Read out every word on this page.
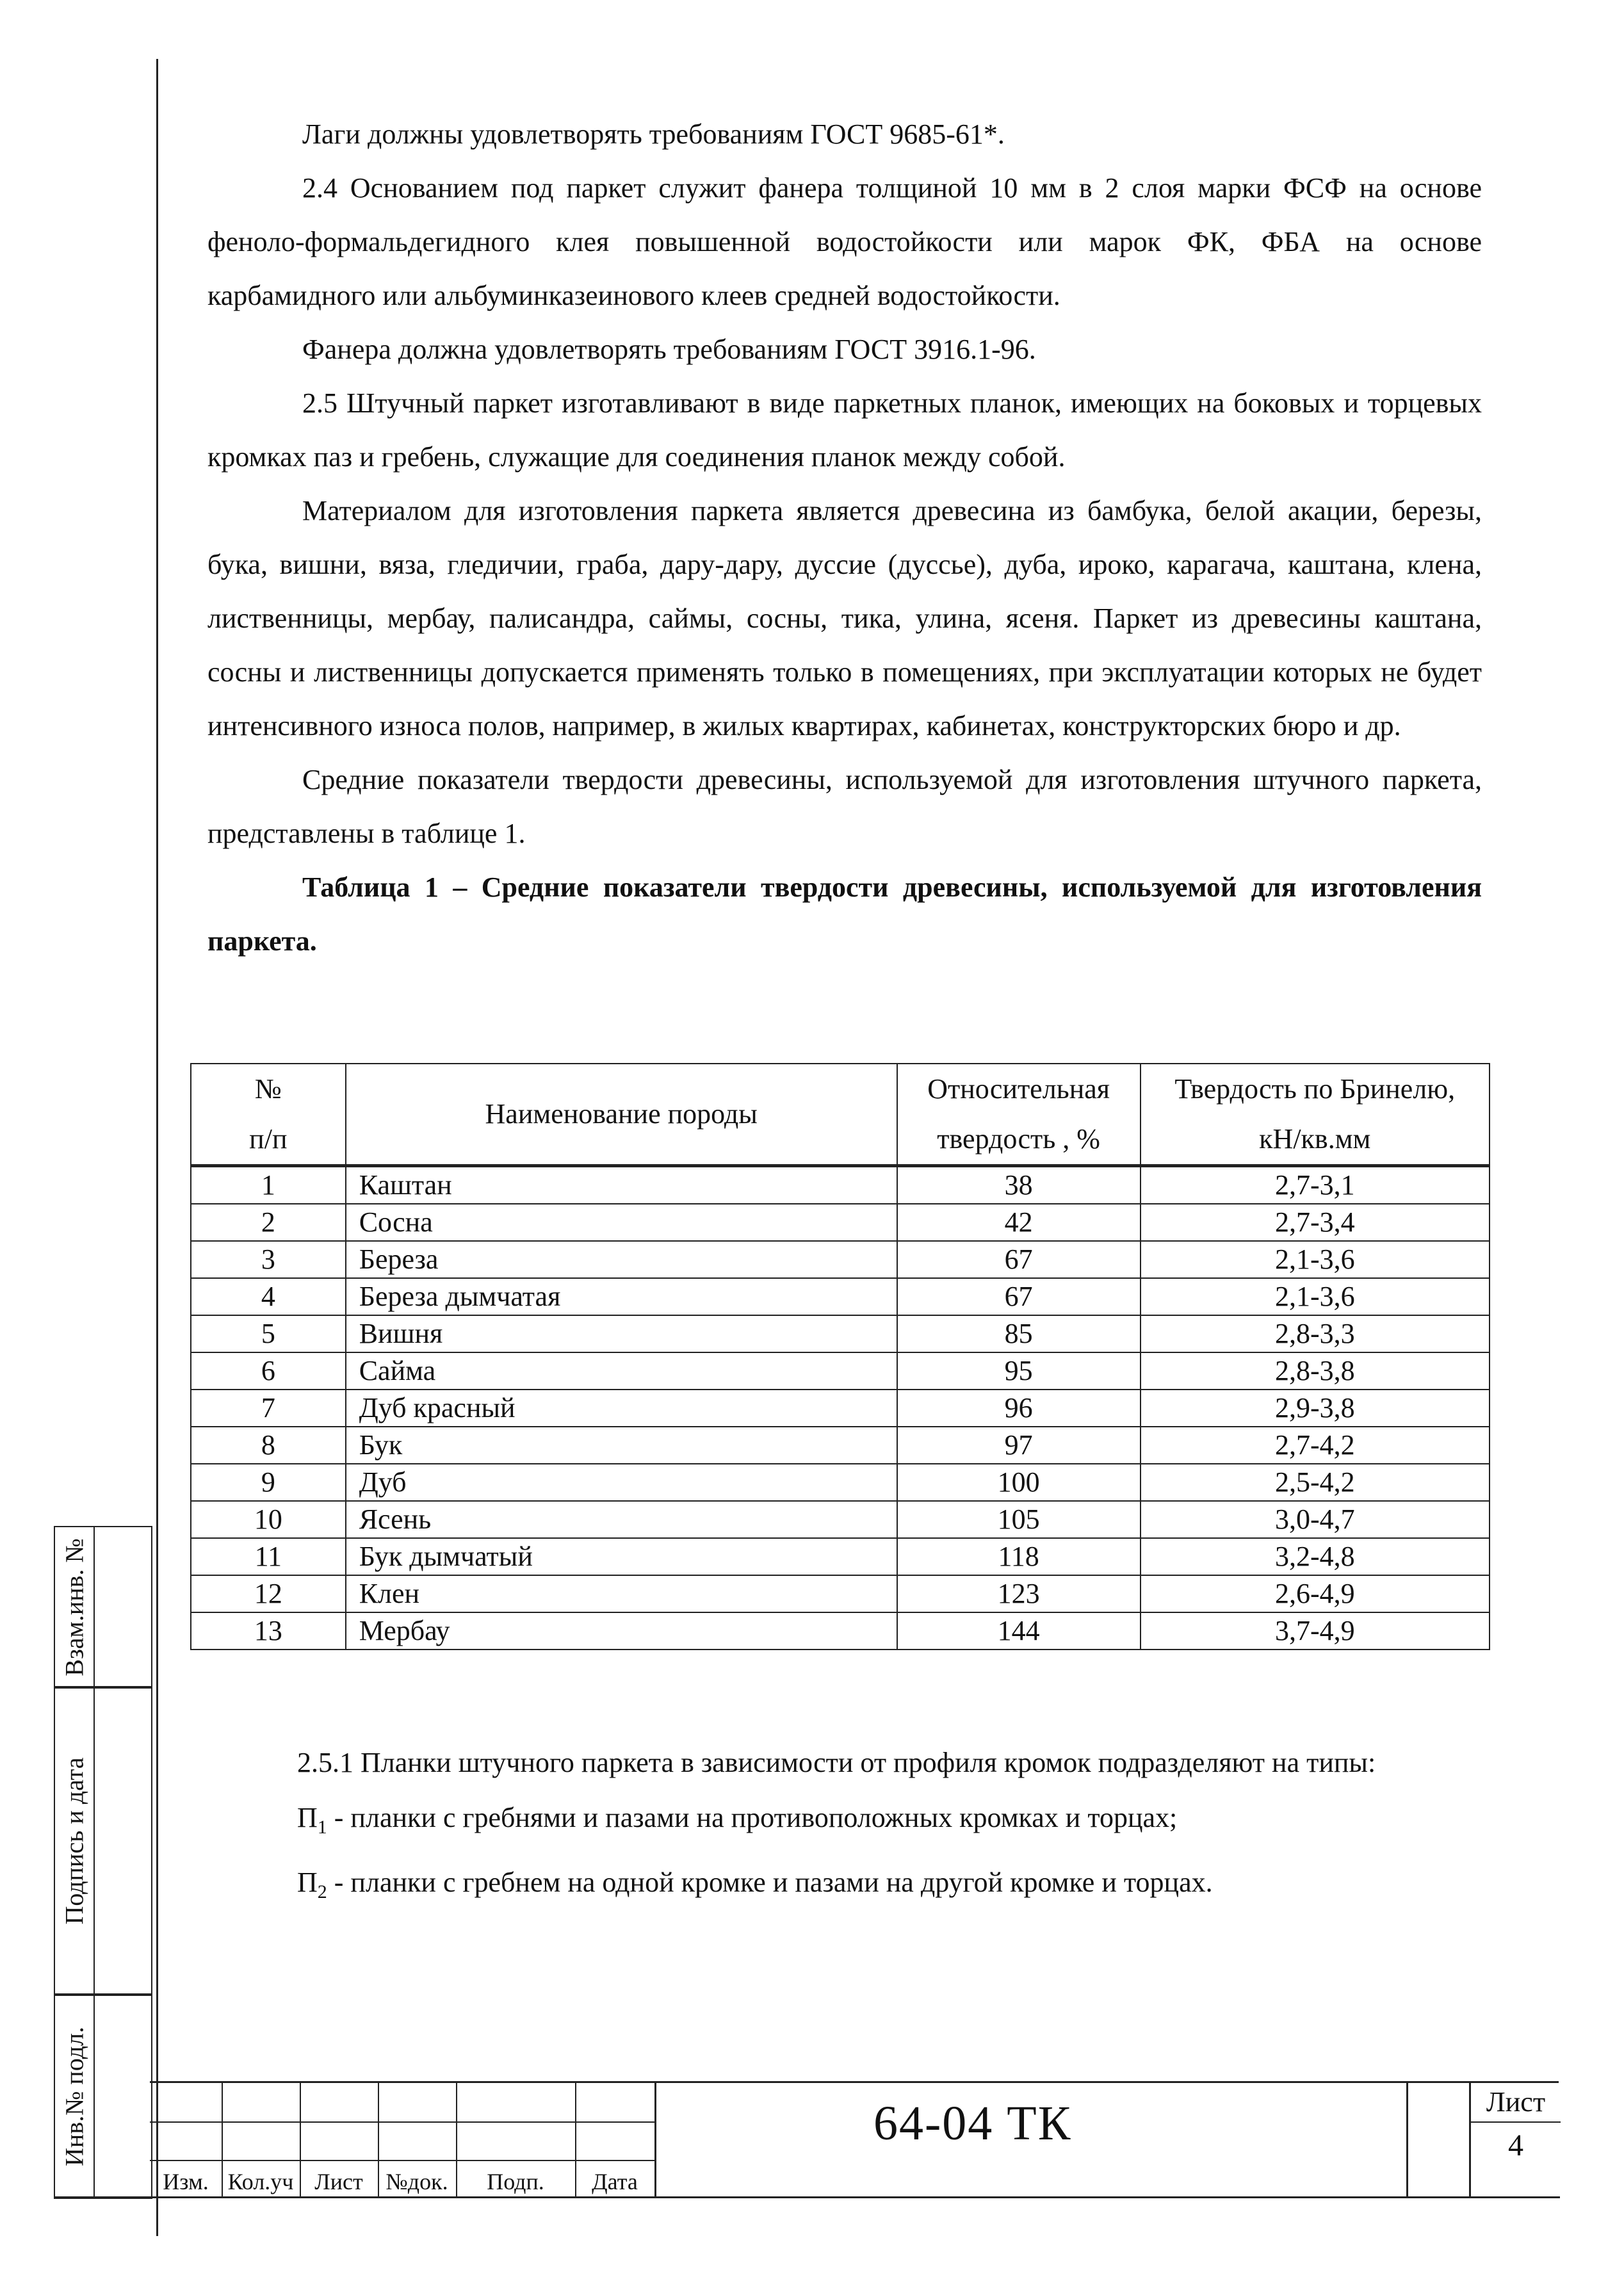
Лаги должны удовлетворять требованиям ГОСТ 9685-61*.

2.4 Основанием под паркет служит фанера толщиной 10 мм в 2 слоя марки ФСФ на основе феноло-формальдегидного клея повышенной водостойкости или марок ФК, ФБА на основе карбамидного или альбуминказеинового клеев средней водостойкости.

Фанера должна удовлетворять требованиям ГОСТ 3916.1-96.

2.5 Штучный паркет изготавливают в виде паркетных планок, имеющих на боковых и торцевых кромках паз и гребень, служащие для соединения планок между собой.

Материалом для изготовления паркета является древесина из бамбука, белой акации, березы, бука, вишни, вяза, гледичии, граба, дару-дару, дуссие (дуссье), дуба, ироко, карагача, каштана, клена, лиственницы, мербау, палисандра, саймы, сосны, тика, улина, ясеня. Паркет из древесины каштана, сосны и лиственницы допускается применять только в помещениях, при эксплуатации которых не будет интенсивного износа полов, например, в жилых квартирах, кабинетах, конструкторских бюро и др.

Средние показатели твердости древесины, используемой для изготовления штучного паркета, представлены в таблице 1.

Таблица 1 – Средние показатели твердости древесины, используемой для изготовления паркета.

№	Наименование породы	Относительная	Твердость по Бринелю,
п/п		твердость , %	кН/кв.мм
1	Каштан	38	2,7-3,1
2	Сосна	42	2,7-3,4
3	Береза	67	2,1-3,6
4	Береза дымчатая	67	2,1-3,6
5	Вишня	85	2,8-3,3
6	Сайма	95	2,8-3,8
7	Дуб красный	96	2,9-3,8
8	Бук	97	2,7-4,2
9	Дуб	100	2,5-4,2
10	Ясень	105	3,0-4,7
11	Бук дымчатый	118	3,2-4,8
12	Клен	123	2,6-4,9
13	Мербау	144	3,7-4,9

2.5.1 Планки штучного паркета в зависимости от профиля кромок подразделяют на типы:

$П_1$ - планки с гребнями и пазами на противоположных кромках и торцах;

$П_2$ - планки с гребнем на одной кромке и пазами на другой кромке и торцах.

Взам.инв. №
Подпись и дата
Инв.№ подл.
Изм. Кол.уч Лист №док.	Подп.	Дата
64-04 ТК	Лист
4
